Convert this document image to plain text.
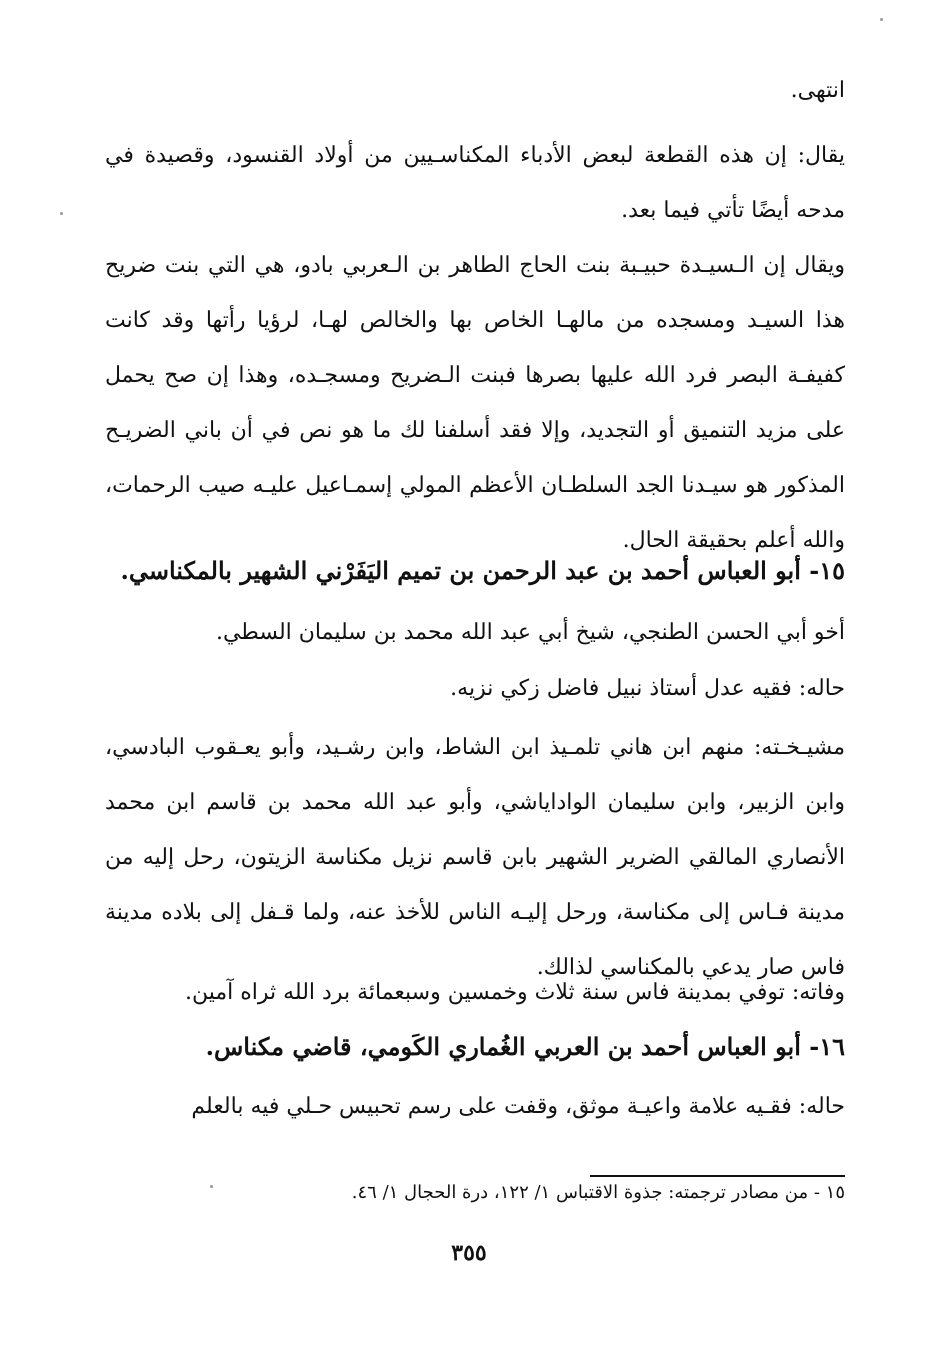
انتهى.
يقال: إن هذه القطعة لبعض الأدباء المكناسـيين من أولاد القنسود، وقصيدة في مدحه أيضًا تأتي فيما بعد.
ويقال إن الـسيـدة حبيـبة بنت الحاج الطاهر بن الـعربي بادو، هي التي بنت ضريح هذا السيـد ومسجده من مالهـا الخاص بها والخالص لهـا، لرؤيا رأتها وقد كانت كفيفـة البصر فرد الله عليها بصرها فبنت الـضريح ومسجـده، وهذا إن صح يحمل على مزيد التنميق أو التجديد، وإلا فقد أسلفنا لك ما هو نص في أن باني الضريـح المذكور هو سيـدنا الجد السلطـان الأعظم المولي إسمـاعيل عليـه صيب الرحمات، والله أعلم بحقيقة الحال.
١٥- أبو العباس أحمد بن عبد الرحمن بن تميم اليَفَرْني الشهير بالمكناسي.
أخو أبي الحسن الطنجي، شيخ أبي عبد الله محمد بن سليمان السطي.
حاله: فقيه عدل أستاذ نبيل فاضل زكي نزيه.
مشيـخـته: منهم ابن هاني تلمـيذ ابن الشاط، وابن رشـيد، وأبو يعـقوب البادسي، وابن الزبير، وابن سليمان الواداياشي، وأبو عبد الله محمد بن قاسم ابن محمد الأنصاري المالقي الضرير الشهير بابن قاسم نزيل مكناسة الزيتون، رحل إليه من مدينة فـاس إلى مكناسة، ورحل إليـه الناس للأخذ عنه، ولما قـفل إلى بلاده مدينة فاس صار يدعي بالمكناسي لذالك.
وفاته: توفي بمدينة فاس سنة ثلاث وخمسين وسبعمائة برد الله ثراه آمين.
١٦- أبو العباس أحمد بن العربي الغُماري الكَومي، قاضي مكناس.
حاله: فقـيه علامة واعيـة موثق، وقفت على رسم تحبيس حـلي فيه بالعلم
١٥ - من مصادر ترجمته: جذوة الاقتباس ١/ ١٢٢، درة الحجال ١/ ٤٦.
٣٥٥
